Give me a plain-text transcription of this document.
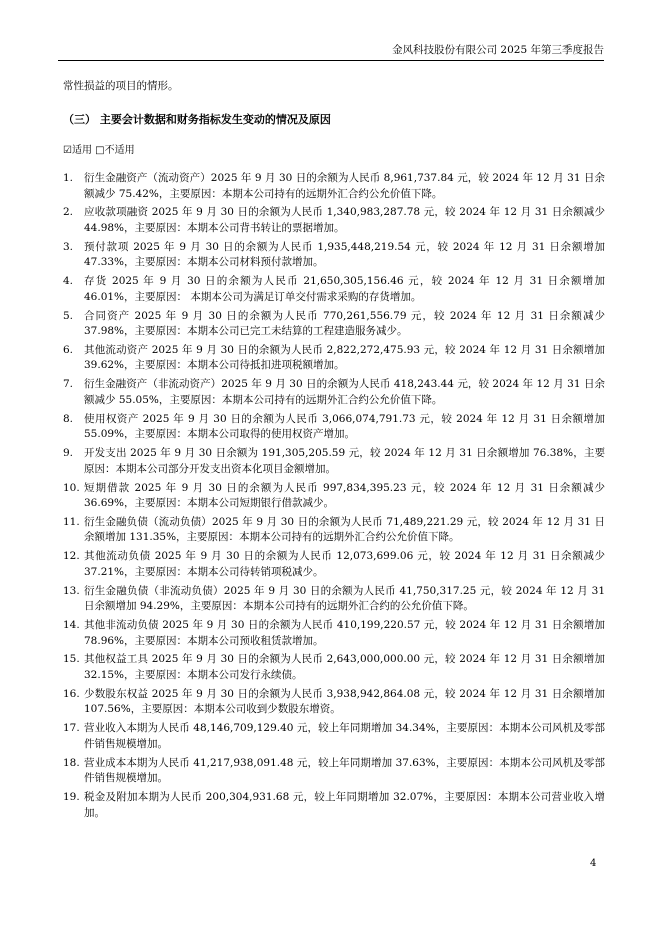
金风科技股份有限公司 2025 年第三季度报告
常性损益的项目的情形。
（三） 主要会计数据和财务指标发生变动的情况及原因
☑适用 □不适用
1. 衍生金融资产（流动资产）2025 年 9 月 30 日的余额为人民币 8,961,737.84 元，较 2024 年 12 月 31 日余额减少 75.42%，主要原因：本期本公司持有的远期外汇合约公允价值下降。
2. 应收款项融资 2025 年 9 月 30 日的余额为人民币 1,340,983,287.78 元，较 2024 年 12 月 31 日余额减少 44.98%，主要原因：本期本公司背书转让的票据增加。
3. 预付款项 2025 年 9 月 30 日的余额为人民币 1,935,448,219.54 元，较 2024 年 12 月 31 日余额增加 47.33%，主要原因：本期本公司材料预付款增加。
4. 存货 2025 年 9 月 30 日的余额为人民币 21,650,305,156.46 元，较 2024 年 12 月 31 日余额增加 46.01%，主要原因： 本期本公司为满足订单交付需求采购的存货增加。
5. 合同资产 2025 年 9 月 30 日的余额为人民币 770,261,556.79 元，较 2024 年 12 月 31 日余额减少 37.98%，主要原因：本期本公司已完工未结算的工程建造服务减少。
6. 其他流动资产 2025 年 9 月 30 日的余额为人民币 2,822,272,475.93 元，较 2024 年 12 月 31 日余额增加 39.62%，主要原因：本期本公司待抵扣进项税额增加。
7. 衍生金融资产（非流动资产）2025 年 9 月 30 日的余额为人民币 418,243.44 元，较 2024 年 12 月 31 日余额减少 55.05%，主要原因：本期本公司持有的远期外汇合约公允价值下降。
8. 使用权资产 2025 年 9 月 30 日的余额为人民币 3,066,074,791.73 元，较 2024 年 12 月 31 日余额增加 55.09%，主要原因：本期本公司取得的使用权资产增加。
9. 开发支出 2025 年 9 月 30 日余额为 191,305,205.59 元，较 2024 年 12 月 31 日余额增加 76.38%，主要原因：本期本公司部分开发支出资本化项目金额增加。
10. 短期借款 2025 年 9 月 30 日的余额为人民币 997,834,395.23 元，较 2024 年 12 月 31 日余额减少 36.69%，主要原因：本期本公司短期银行借款减少。
11. 衍生金融负债（流动负债）2025 年 9 月 30 日的余额为人民币 71,489,221.29 元，较 2024 年 12 月 31 日余额增加 131.35%，主要原因：本期本公司持有的远期外汇合约公允价值下降。
12. 其他流动负债 2025 年 9 月 30 日的余额为人民币 12,073,699.06 元，较 2024 年 12 月 31 日余额减少 37.21%，主要原因：本期本公司待转销项税减少。
13. 衍生金融负债（非流动负债）2025 年 9 月 30 日的余额为人民币 41,750,317.25 元，较 2024 年 12 月 31 日余额增加 94.29%，主要原因：本期本公司持有的远期外汇合约的公允价值下降。
14. 其他非流动负债 2025 年 9 月 30 日的余额为人民币 410,199,220.57 元，较 2024 年 12 月 31 日余额增加 78.96%，主要原因：本期本公司预收租赁款增加。
15. 其他权益工具 2025 年 9 月 30 日的余额为人民币 2,643,000,000.00 元，较 2024 年 12 月 31 日余额增加 32.15%，主要原因：本期本公司发行永续债。
16. 少数股东权益 2025 年 9 月 30 日的余额为人民币 3,938,942,864.08 元，较 2024 年 12 月 31 日余额增加 107.56%，主要原因：本期本公司收到少数股东增资。
17. 营业收入本期为人民币 48,146,709,129.40 元，较上年同期增加 34.34%，主要原因：本期本公司风机及零部件销售规模增加。
18. 营业成本本期为人民币 41,217,938,091.48 元，较上年同期增加 37.63%，主要原因：本期本公司风机及零部件销售规模增加。
19. 税金及附加本期为人民币 200,304,931.68 元，较上年同期增加 32.07%，主要原因：本期本公司营业收入增加。
4
